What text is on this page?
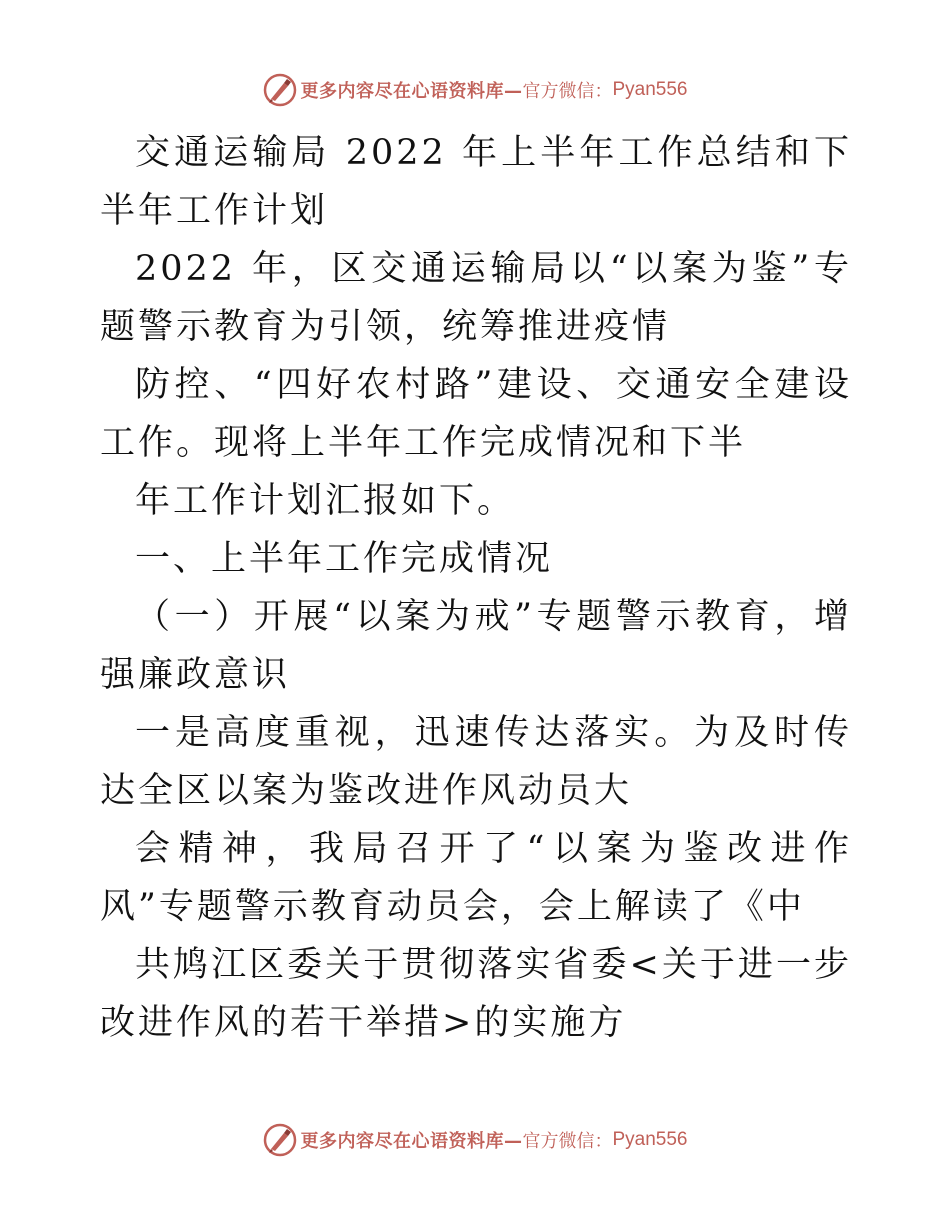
更多内容尽在心语资料库— 官方微信： Pyan556

交通运输局 2022 年上半年工作总结和下半年工作计划

2022 年，区交通运输局以“以案为鉴”专题警示教育为引领，统筹推进疫情

防控、“四好农村路”建设、交通安全建设工作。现将上半年工作完成情况和下半

年工作计划汇报如下。

一、上半年工作完成情况

（一）开展“以案为戒”专题警示教育，增强廉政意识

一是高度重视，迅速传达落实。为及时传达全区以案为鉴改进作风动员大

会精神，我局召开了“以案为鉴改进作风”专题警示教育动员会，会上解读了《中

共鸠江区委关于贯彻落实省委<关于进一步改进作风的若干举措>的实施方

更多内容尽在心语资料库— 官方微信： Pyan556
